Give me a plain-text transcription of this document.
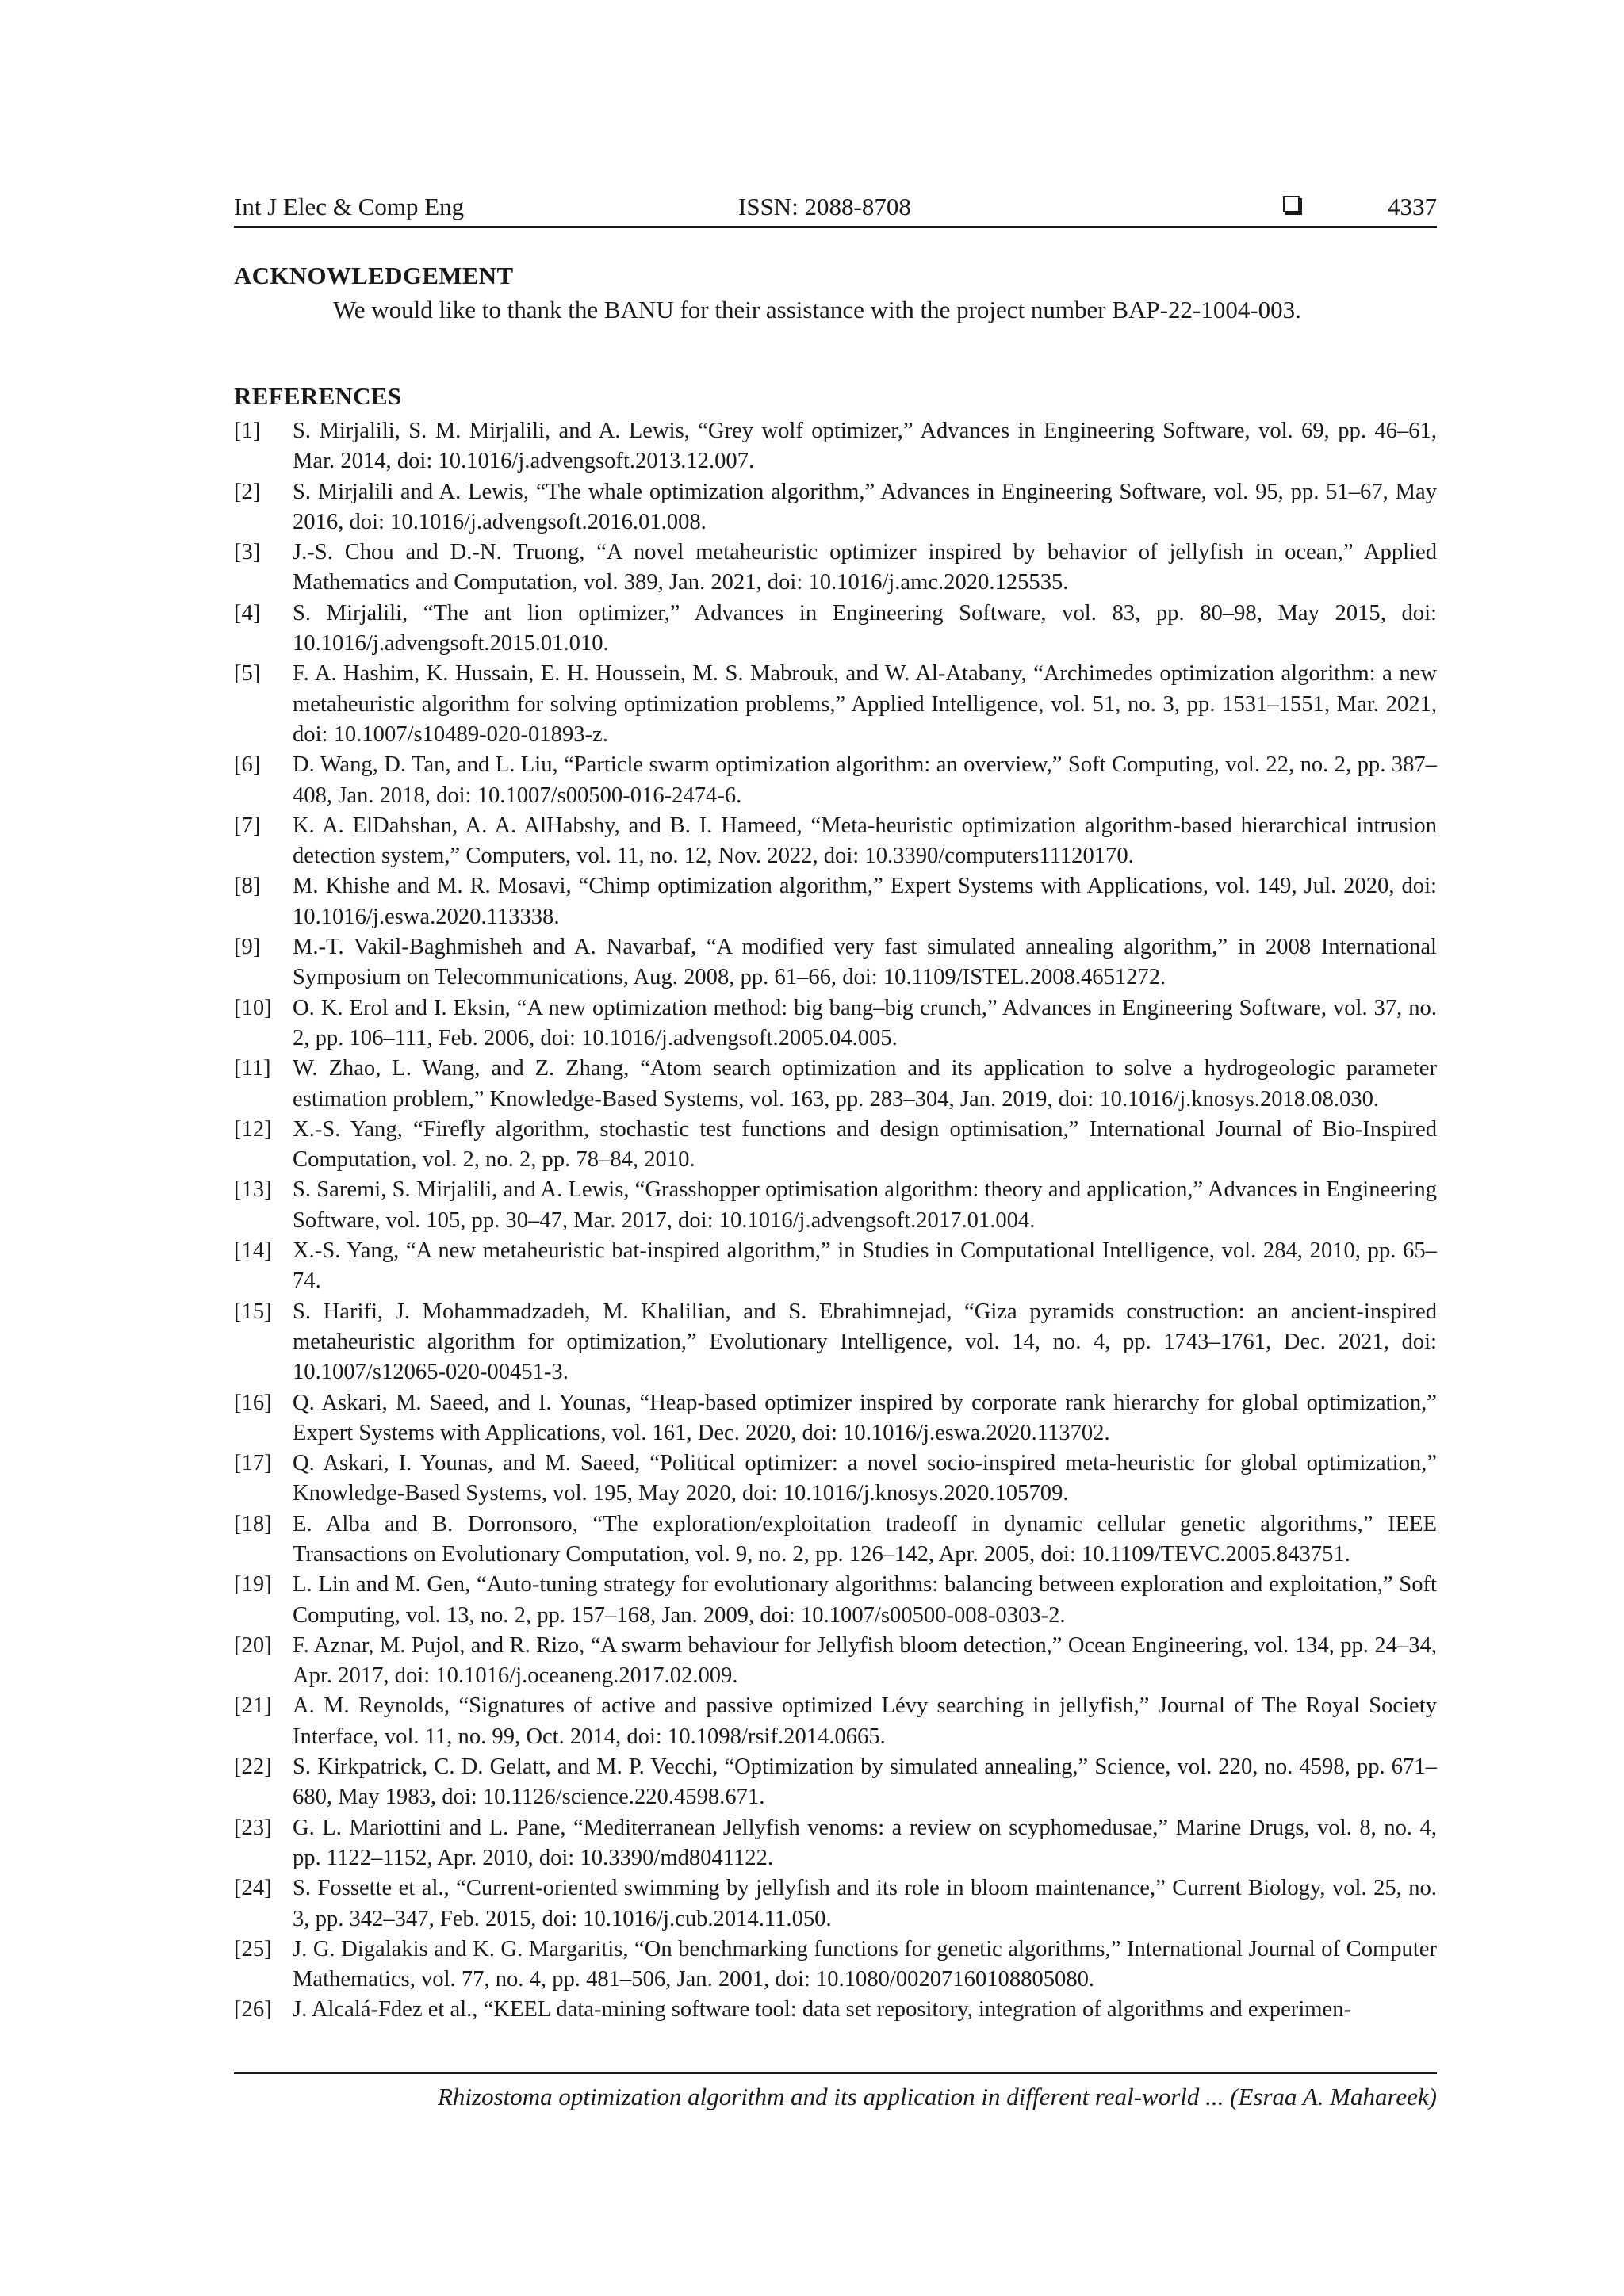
Int J Elec & Comp Eng	ISSN: 2088-8708	4337
ACKNOWLEDGEMENT
We would like to thank the BANU for their assistance with the project number BAP-22-1004-003.
REFERENCES
[1] S. Mirjalili, S. M. Mirjalili, and A. Lewis, “Grey wolf optimizer,” Advances in Engineering Software, vol. 69, pp. 46–61, Mar. 2014, doi: 10.1016/j.advengsoft.2013.12.007.
[2] S. Mirjalili and A. Lewis, “The whale optimization algorithm,” Advances in Engineering Software, vol. 95, pp. 51–67, May 2016, doi: 10.1016/j.advengsoft.2016.01.008.
[3] J.-S. Chou and D.-N. Truong, “A novel metaheuristic optimizer inspired by behavior of jellyfish in ocean,” Applied Mathematics and Computation, vol. 389, Jan. 2021, doi: 10.1016/j.amc.2020.125535.
[4] S. Mirjalili, “The ant lion optimizer,” Advances in Engineering Software, vol. 83, pp. 80–98, May 2015, doi: 10.1016/j.advengsoft.2015.01.010.
[5] F. A. Hashim, K. Hussain, E. H. Houssein, M. S. Mabrouk, and W. Al-Atabany, “Archimedes optimization algorithm: a new metaheuristic algorithm for solving optimization problems,” Applied Intelligence, vol. 51, no. 3, pp. 1531–1551, Mar. 2021, doi: 10.1007/s10489-020-01893-z.
[6] D. Wang, D. Tan, and L. Liu, “Particle swarm optimization algorithm: an overview,” Soft Computing, vol. 22, no. 2, pp. 387–408, Jan. 2018, doi: 10.1007/s00500-016-2474-6.
[7] K. A. ElDahshan, A. A. AlHabshy, and B. I. Hameed, “Meta-heuristic optimization algorithm-based hierarchical intrusion detection system,” Computers, vol. 11, no. 12, Nov. 2022, doi: 10.3390/computers11120170.
[8] M. Khishe and M. R. Mosavi, “Chimp optimization algorithm,” Expert Systems with Applications, vol. 149, Jul. 2020, doi: 10.1016/j.eswa.2020.113338.
[9] M.-T. Vakil-Baghmisheh and A. Navarbaf, “A modified very fast simulated annealing algorithm,” in 2008 International Symposium on Telecommunications, Aug. 2008, pp. 61–66, doi: 10.1109/ISTEL.2008.4651272.
[10] O. K. Erol and I. Eksin, “A new optimization method: big bang–big crunch,” Advances in Engineering Software, vol. 37, no. 2, pp. 106–111, Feb. 2006, doi: 10.1016/j.advengsoft.2005.04.005.
[11] W. Zhao, L. Wang, and Z. Zhang, “Atom search optimization and its application to solve a hydrogeologic parameter estimation problem,” Knowledge-Based Systems, vol. 163, pp. 283–304, Jan. 2019, doi: 10.1016/j.knosys.2018.08.030.
[12] X.-S. Yang, “Firefly algorithm, stochastic test functions and design optimisation,” International Journal of Bio-Inspired Computation, vol. 2, no. 2, pp. 78–84, 2010.
[13] S. Saremi, S. Mirjalili, and A. Lewis, “Grasshopper optimisation algorithm: theory and application,” Advances in Engineering Software, vol. 105, pp. 30–47, Mar. 2017, doi: 10.1016/j.advengsoft.2017.01.004.
[14] X.-S. Yang, “A new metaheuristic bat-inspired algorithm,” in Studies in Computational Intelligence, vol. 284, 2010, pp. 65–74.
[15] S. Harifi, J. Mohammadzadeh, M. Khalilian, and S. Ebrahimnejad, “Giza pyramids construction: an ancient-inspired metaheuristic algorithm for optimization,” Evolutionary Intelligence, vol. 14, no. 4, pp. 1743–1761, Dec. 2021, doi: 10.1007/s12065-020-00451-3.
[16] Q. Askari, M. Saeed, and I. Younas, “Heap-based optimizer inspired by corporate rank hierarchy for global optimization,” Expert Systems with Applications, vol. 161, Dec. 2020, doi: 10.1016/j.eswa.2020.113702.
[17] Q. Askari, I. Younas, and M. Saeed, “Political optimizer: a novel socio-inspired meta-heuristic for global optimization,” Knowledge-Based Systems, vol. 195, May 2020, doi: 10.1016/j.knosys.2020.105709.
[18] E. Alba and B. Dorronsoro, “The exploration/exploitation tradeoff in dynamic cellular genetic algorithms,” IEEE Transactions on Evolutionary Computation, vol. 9, no. 2, pp. 126–142, Apr. 2005, doi: 10.1109/TEVC.2005.843751.
[19] L. Lin and M. Gen, “Auto-tuning strategy for evolutionary algorithms: balancing between exploration and exploitation,” Soft Computing, vol. 13, no. 2, pp. 157–168, Jan. 2009, doi: 10.1007/s00500-008-0303-2.
[20] F. Aznar, M. Pujol, and R. Rizo, “A swarm behaviour for Jellyfish bloom detection,” Ocean Engineering, vol. 134, pp. 24–34, Apr. 2017, doi: 10.1016/j.oceaneng.2017.02.009.
[21] A. M. Reynolds, “Signatures of active and passive optimized Lévy searching in jellyfish,” Journal of The Royal Society Interface, vol. 11, no. 99, Oct. 2014, doi: 10.1098/rsif.2014.0665.
[22] S. Kirkpatrick, C. D. Gelatt, and M. P. Vecchi, “Optimization by simulated annealing,” Science, vol. 220, no. 4598, pp. 671–680, May 1983, doi: 10.1126/science.220.4598.671.
[23] G. L. Mariottini and L. Pane, “Mediterranean Jellyfish venoms: a review on scyphomedusae,” Marine Drugs, vol. 8, no. 4, pp. 1122–1152, Apr. 2010, doi: 10.3390/md8041122.
[24] S. Fossette et al., “Current-oriented swimming by jellyfish and its role in bloom maintenance,” Current Biology, vol. 25, no. 3, pp. 342–347, Feb. 2015, doi: 10.1016/j.cub.2014.11.050.
[25] J. G. Digalakis and K. G. Margaritis, “On benchmarking functions for genetic algorithms,” International Journal of Computer Mathematics, vol. 77, no. 4, pp. 481–506, Jan. 2001, doi: 10.1080/00207160108805080.
[26] J. Alcalá-Fdez et al., “KEEL data-mining software tool: data set repository, integration of algorithms and experimen-
Rhizostoma optimization algorithm and its application in different real-world ... (Esraa A. Mahareek)
